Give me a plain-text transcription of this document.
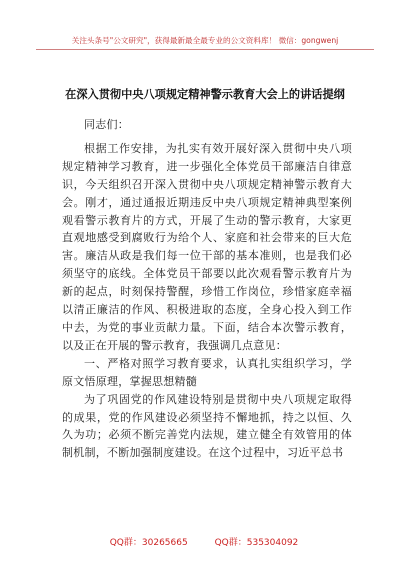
关注头条号"公文研究"，获得最新最全最专业的公文资料库！ 微信：gongwenj
在深入贯彻中央八项规定精神警示教育大会上的讲话提纲

同志们：

根据工作安排，为扎实有效开展好深入贯彻中央八项规定精神学习教育，进一步强化全体党员干部廉洁自律意识，今天组织召开深入贯彻中央八项规定精神警示教育大会。刚才，通过通报近期违反中央八项规定精神典型案例观看警示教育片的方式，开展了生动的警示教育，大家更直观地感受到腐败行为给个人、家庭和社会带来的巨大危害。廉洁从政是我们每一位干部的基本准则，也是我们必须坚守的底线。全体党员干部要以此次观看警示教育片为新的起点，时刻保持警醒，珍惜工作岗位，珍惜家庭幸福以清正廉洁的作风、积极进取的态度，全身心投入到工作中去，为党的事业贡献力量。下面，结合本次警示教育，以及正在开展的警示教育，我强调几点意见：

一、严格对照学习教育要求，认真扎实组织学习，学原文悟原理，掌握思想精髓

为了巩固党的作风建设特别是贯彻中央八项规定取得的成果，党的作风建设必须坚持不懈地抓，持之以恒、久久为功；必须不断完善党内法规，建立健全有效管用的体制机制，不断加强制度建设。在这个过程中，习近平总书

QQ群：30265665	QQ群：535304092
